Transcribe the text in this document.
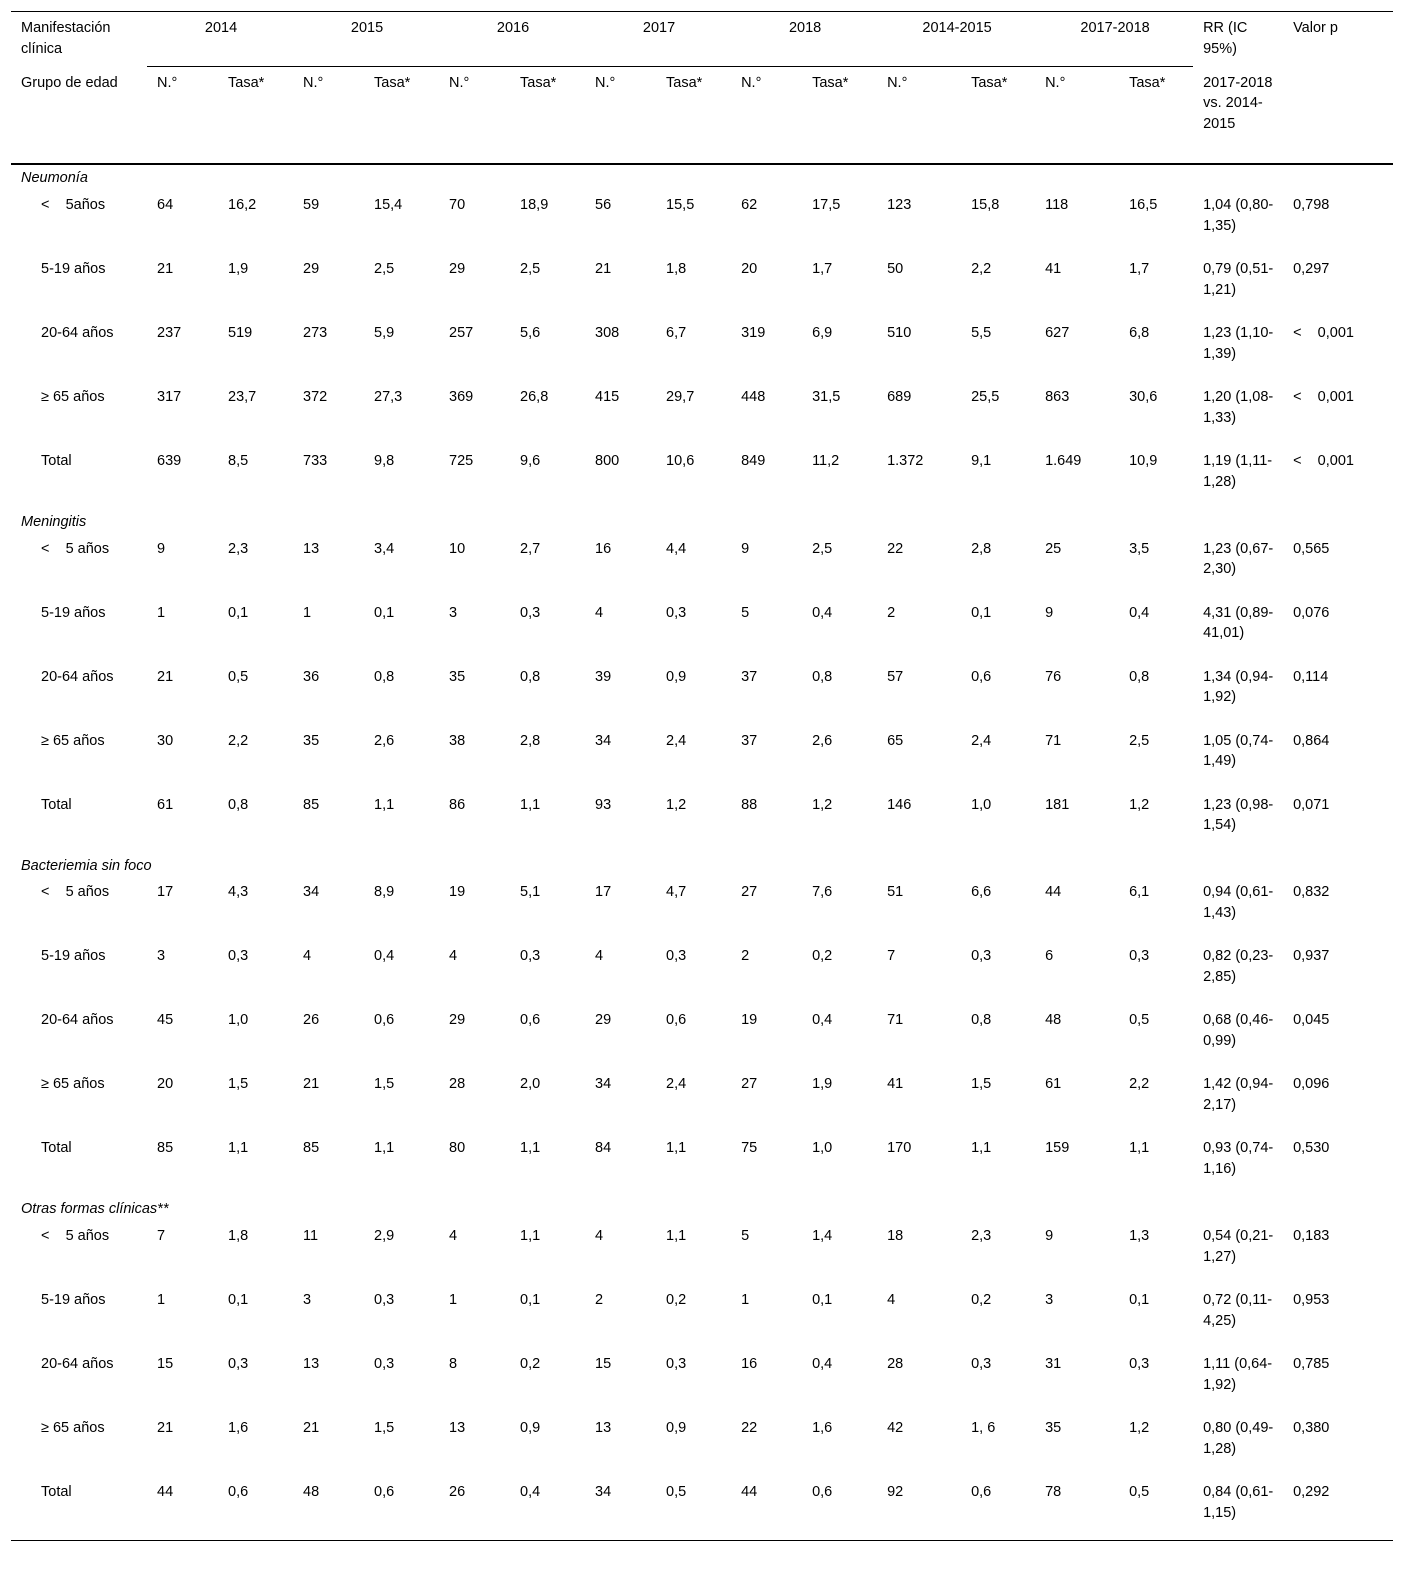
Manifestación clínica	2014		2015		2016		2017		2018		2014-2015		2017-2018		RR (IC 95%)	Valor p
Grupo de edad	N.°	Tasa*	N.°	Tasa*	N.°	Tasa*	N.°	Tasa*	N.°	Tasa*	N.°	Tasa*	N.°	Tasa*	2017-2018 vs. 2014-2015	
Neumonía																
<    5años	64	16,2	59	15,4	70	18,9	56	15,5	62	17,5	123	15,8	118	16,5	1,04 (0,80-1,35)	0,798
5-19 años	21	1,9	29	2,5	29	2,5	21	1,8	20	1,7	50	2,2	41	1,7	0,79 (0,51-1,21)	0,297
20-64 años	237	519	273	5,9	257	5,6	308	6,7	319	6,9	510	5,5	627	6,8	1,23 (1,10-1,39)	<    0,001
≥ 65 años	317	23,7	372	27,3	369	26,8	415	29,7	448	31,5	689	25,5	863	30,6	1,20 (1,08-1,33)	<    0,001
Total	639	8,5	733	9,8	725	9,6	800	10,6	849	11,2	1.372	9,1	1.649	10,9	1,19 (1,11-1,28)	<    0,001
Meningitis																
<    5 años	9	2,3	13	3,4	10	2,7	16	4,4	9	2,5	22	2,8	25	3,5	1,23 (0,67-2,30)	0,565
5-19 años	1	0,1	1	0,1	3	0,3	4	0,3	5	0,4	2	0,1	9	0,4	4,31 (0,89-41,01)	0,076
20-64 años	21	0,5	36	0,8	35	0,8	39	0,9	37	0,8	57	0,6	76	0,8	1,34 (0,94-1,92)	0,114
≥ 65 años	30	2,2	35	2,6	38	2,8	34	2,4	37	2,6	65	2,4	71	2,5	1,05 (0,74-1,49)	0,864
Total	61	0,8	85	1,1	86	1,1	93	1,2	88	1,2	146	1,0	181	1,2	1,23 (0,98-1,54)	0,071
Bacteriemia sin foco																
<    5 años	17	4,3	34	8,9	19	5,1	17	4,7	27	7,6	51	6,6	44	6,1	0,94 (0,61-1,43)	0,832
5-19 años	3	0,3	4	0,4	4	0,3	4	0,3	2	0,2	7	0,3	6	0,3	0,82 (0,23-2,85)	0,937
20-64 años	45	1,0	26	0,6	29	0,6	29	0,6	19	0,4	71	0,8	48	0,5	0,68 (0,46-0,99)	0,045
≥ 65 años	20	1,5	21	1,5	28	2,0	34	2,4	27	1,9	41	1,5	61	2,2	1,42 (0,94-2,17)	0,096
Total	85	1,1	85	1,1	80	1,1	84	1,1	75	1,0	170	1,1	159	1,1	0,93 (0,74-1,16)	0,530
Otras formas clínicas**																
<    5 años	7	1,8	11	2,9	4	1,1	4	1,1	5	1,4	18	2,3	9	1,3	0,54 (0,21-1,27)	0,183
5-19 años	1	0,1	3	0,3	1	0,1	2	0,2	1	0,1	4	0,2	3	0,1	0,72 (0,11-4,25)	0,953
20-64 años	15	0,3	13	0,3	8	0,2	15	0,3	16	0,4	28	0,3	31	0,3	1,11 (0,64-1,92)	0,785
≥ 65 años	21	1,6	21	1,5	13	0,9	13	0,9	22	1,6	42	1, 6	35	1,2	0,80 (0,49-1,28)	0,380
Total	44	0,6	48	0,6	26	0,4	34	0,5	44	0,6	92	0,6	78	0,5	0,84 (0,61-1,15)	0,292
